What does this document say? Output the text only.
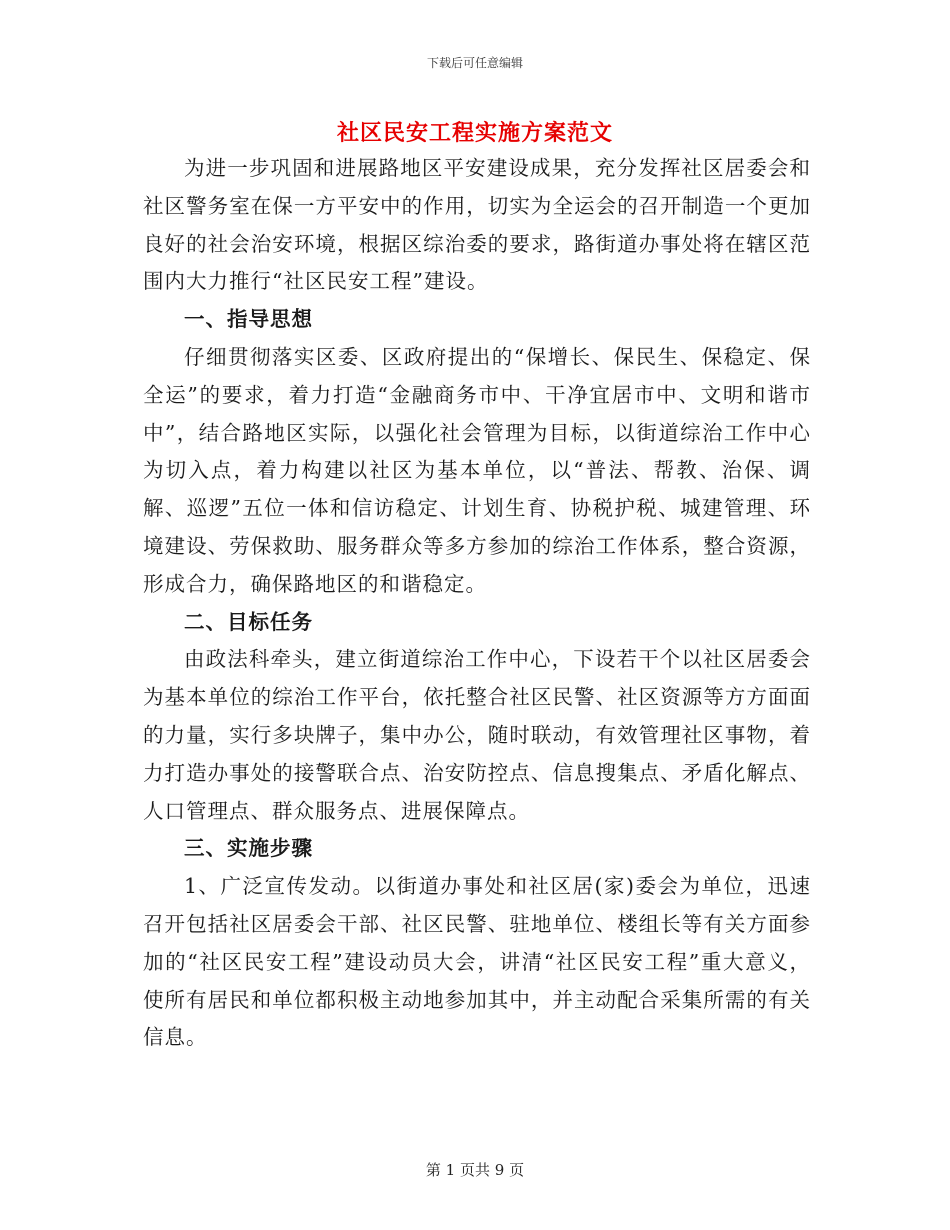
下载后可任意编辑
社区民安工程实施方案范文

为进一步巩固和进展路地区平安建设成果，充分发挥社区居委会和社区警务室在保一方平安中的作用，切实为全运会的召开制造一个更加良好的社会治安环境，根据区综治委的要求，路街道办事处将在辖区范围内大力推行“社区民安工程”建设。

一、指导思想

仔细贯彻落实区委、区政府提出的“保增长、保民生、保稳定、保全运”的要求，着力打造“金融商务市中、干净宜居市中、文明和谐市中”，结合路地区实际，以强化社会管理为目标，以街道综治工作中心为切入点，着力构建以社区为基本单位，以“普法、帮教、治保、调解、巡逻”五位一体和信访稳定、计划生育、协税护税、城建管理、环境建设、劳保救助、服务群众等多方参加的综治工作体系，整合资源，形成合力，确保路地区的和谐稳定。

二、目标任务

由政法科牵头，建立街道综治工作中心，下设若干个以社区居委会为基本单位的综治工作平台，依托整合社区民警、社区资源等方方面面的力量，实行多块牌子，集中办公，随时联动，有效管理社区事物，着力打造办事处的接警联合点、治安防控点、信息搜集点、矛盾化解点、人口管理点、群众服务点、进展保障点。

三、实施步骤

1、广泛宣传发动。以街道办事处和社区居(家)委会为单位，迅速召开包括社区居委会干部、社区民警、驻地单位、楼组长等有关方面参加的“社区民安工程”建设动员大会，讲清“社区民安工程”重大意义，使所有居民和单位都积极主动地参加其中，并主动配合采集所需的有关信息。

第 1 页共 9 页
